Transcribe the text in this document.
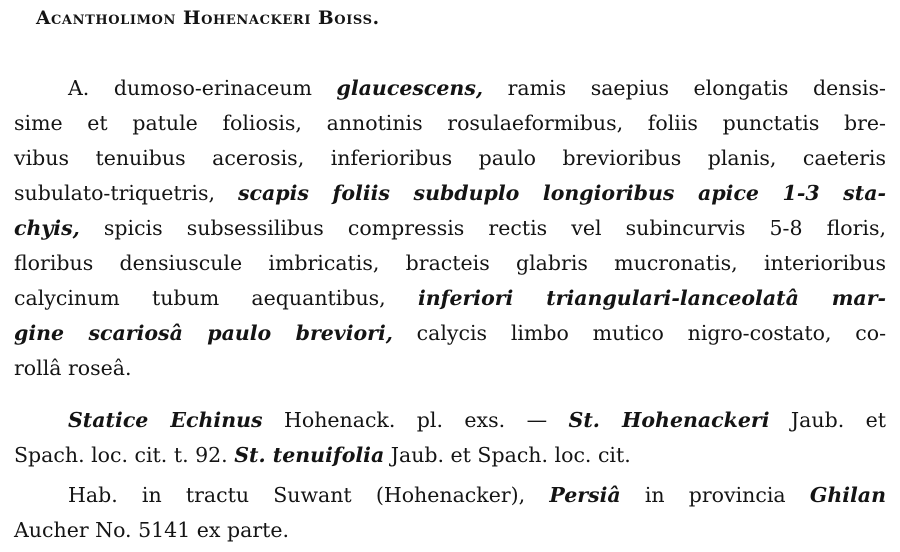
Acantholimon Hohenackeri Boiss.
A. dumoso-erinaceum glaucescens, ramis saepius elongatis densis-
sime et patule foliosis, annotinis rosulaeformibus, foliis punctatis bre-
vibus tenuibus acerosis, inferioribus paulo brevioribus planis, caeteris
subulato-triquetris, scapis foliis subduplo longioribus apice 1-3 sta-
chyis, spicis subsessilibus compressis rectis vel subincurvis 5-8 floris,
floribus densiuscule imbricatis, bracteis glabris mucronatis, interioribus
calycinum tubum aequantibus, inferiori triangulari-lanceolatâ mar-
gine scariosâ paulo breviori, calycis limbo mutico nigro-costato, co-
rollâ roseâ.
Statice Echinus Hohenack. pl. exs. — St. Hohenackeri Jaub. et
Spach. loc. cit. t. 92. St. tenuifolia Jaub. et Spach. loc. cit.
Hab. in tractu Suwant (Hohenacker), Persiâ in provincia Ghilan
Aucher No. 5141 ex parte.
